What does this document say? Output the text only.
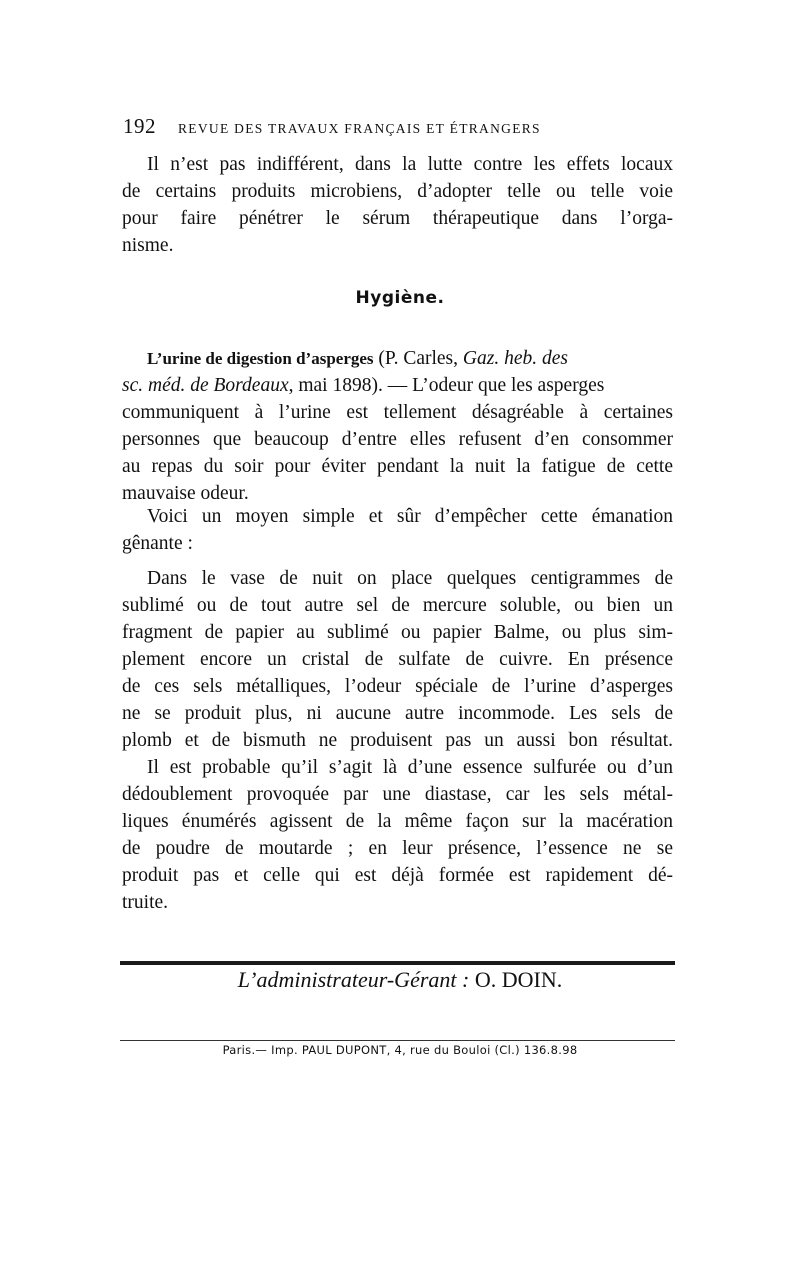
192 REVUE DES TRAVAUX FRANÇAIS ET ÉTRANGERS
Il n’est pas indifférent, dans la lutte contre les effets locaux
de certains produits microbiens, d’adopter telle ou telle voie
pour faire pénétrer le sérum thérapeutique dans l’orga-
nisme.
Hygiène.
L’urine de digestion d’asperges (P. Carles, Gaz. heb. des
sc. méd. de Bordeaux, mai 1898). — L’odeur que les asperges
communiquent à l’urine est tellement désagréable à certaines
personnes que beaucoup d’entre elles refusent d’en consommer
au repas du soir pour éviter pendant la nuit la fatigue de cette
mauvaise odeur.
Voici un moyen simple et sûr d’empêcher cette émanation
gênante :
Dans le vase de nuit on place quelques centigrammes de
sublimé ou de tout autre sel de mercure soluble, ou bien un
fragment de papier au sublimé ou papier Balme, ou plus sim-
plement encore un cristal de sulfate de cuivre. En présence
de ces sels métalliques, l’odeur spéciale de l’urine d’asperges
ne se produit plus, ni aucune autre incommode. Les sels de
plomb et de bismuth ne produisent pas un aussi bon résultat.
Il est probable qu’il s’agit là d’une essence sulfurée ou d’un
dédoublement provoquée par une diastase, car les sels métal-
liques énumérés agissent de la même façon sur la macération
de poudre de moutarde ; en leur présence, l’essence ne se
produit pas et celle qui est déjà formée est rapidement dé-
truite.
L’administrateur-Gérant : O. DOIN.
Paris.— Imp. PAUL DUPONT, 4, rue du Bouloi (Cl.) 136.8.98
